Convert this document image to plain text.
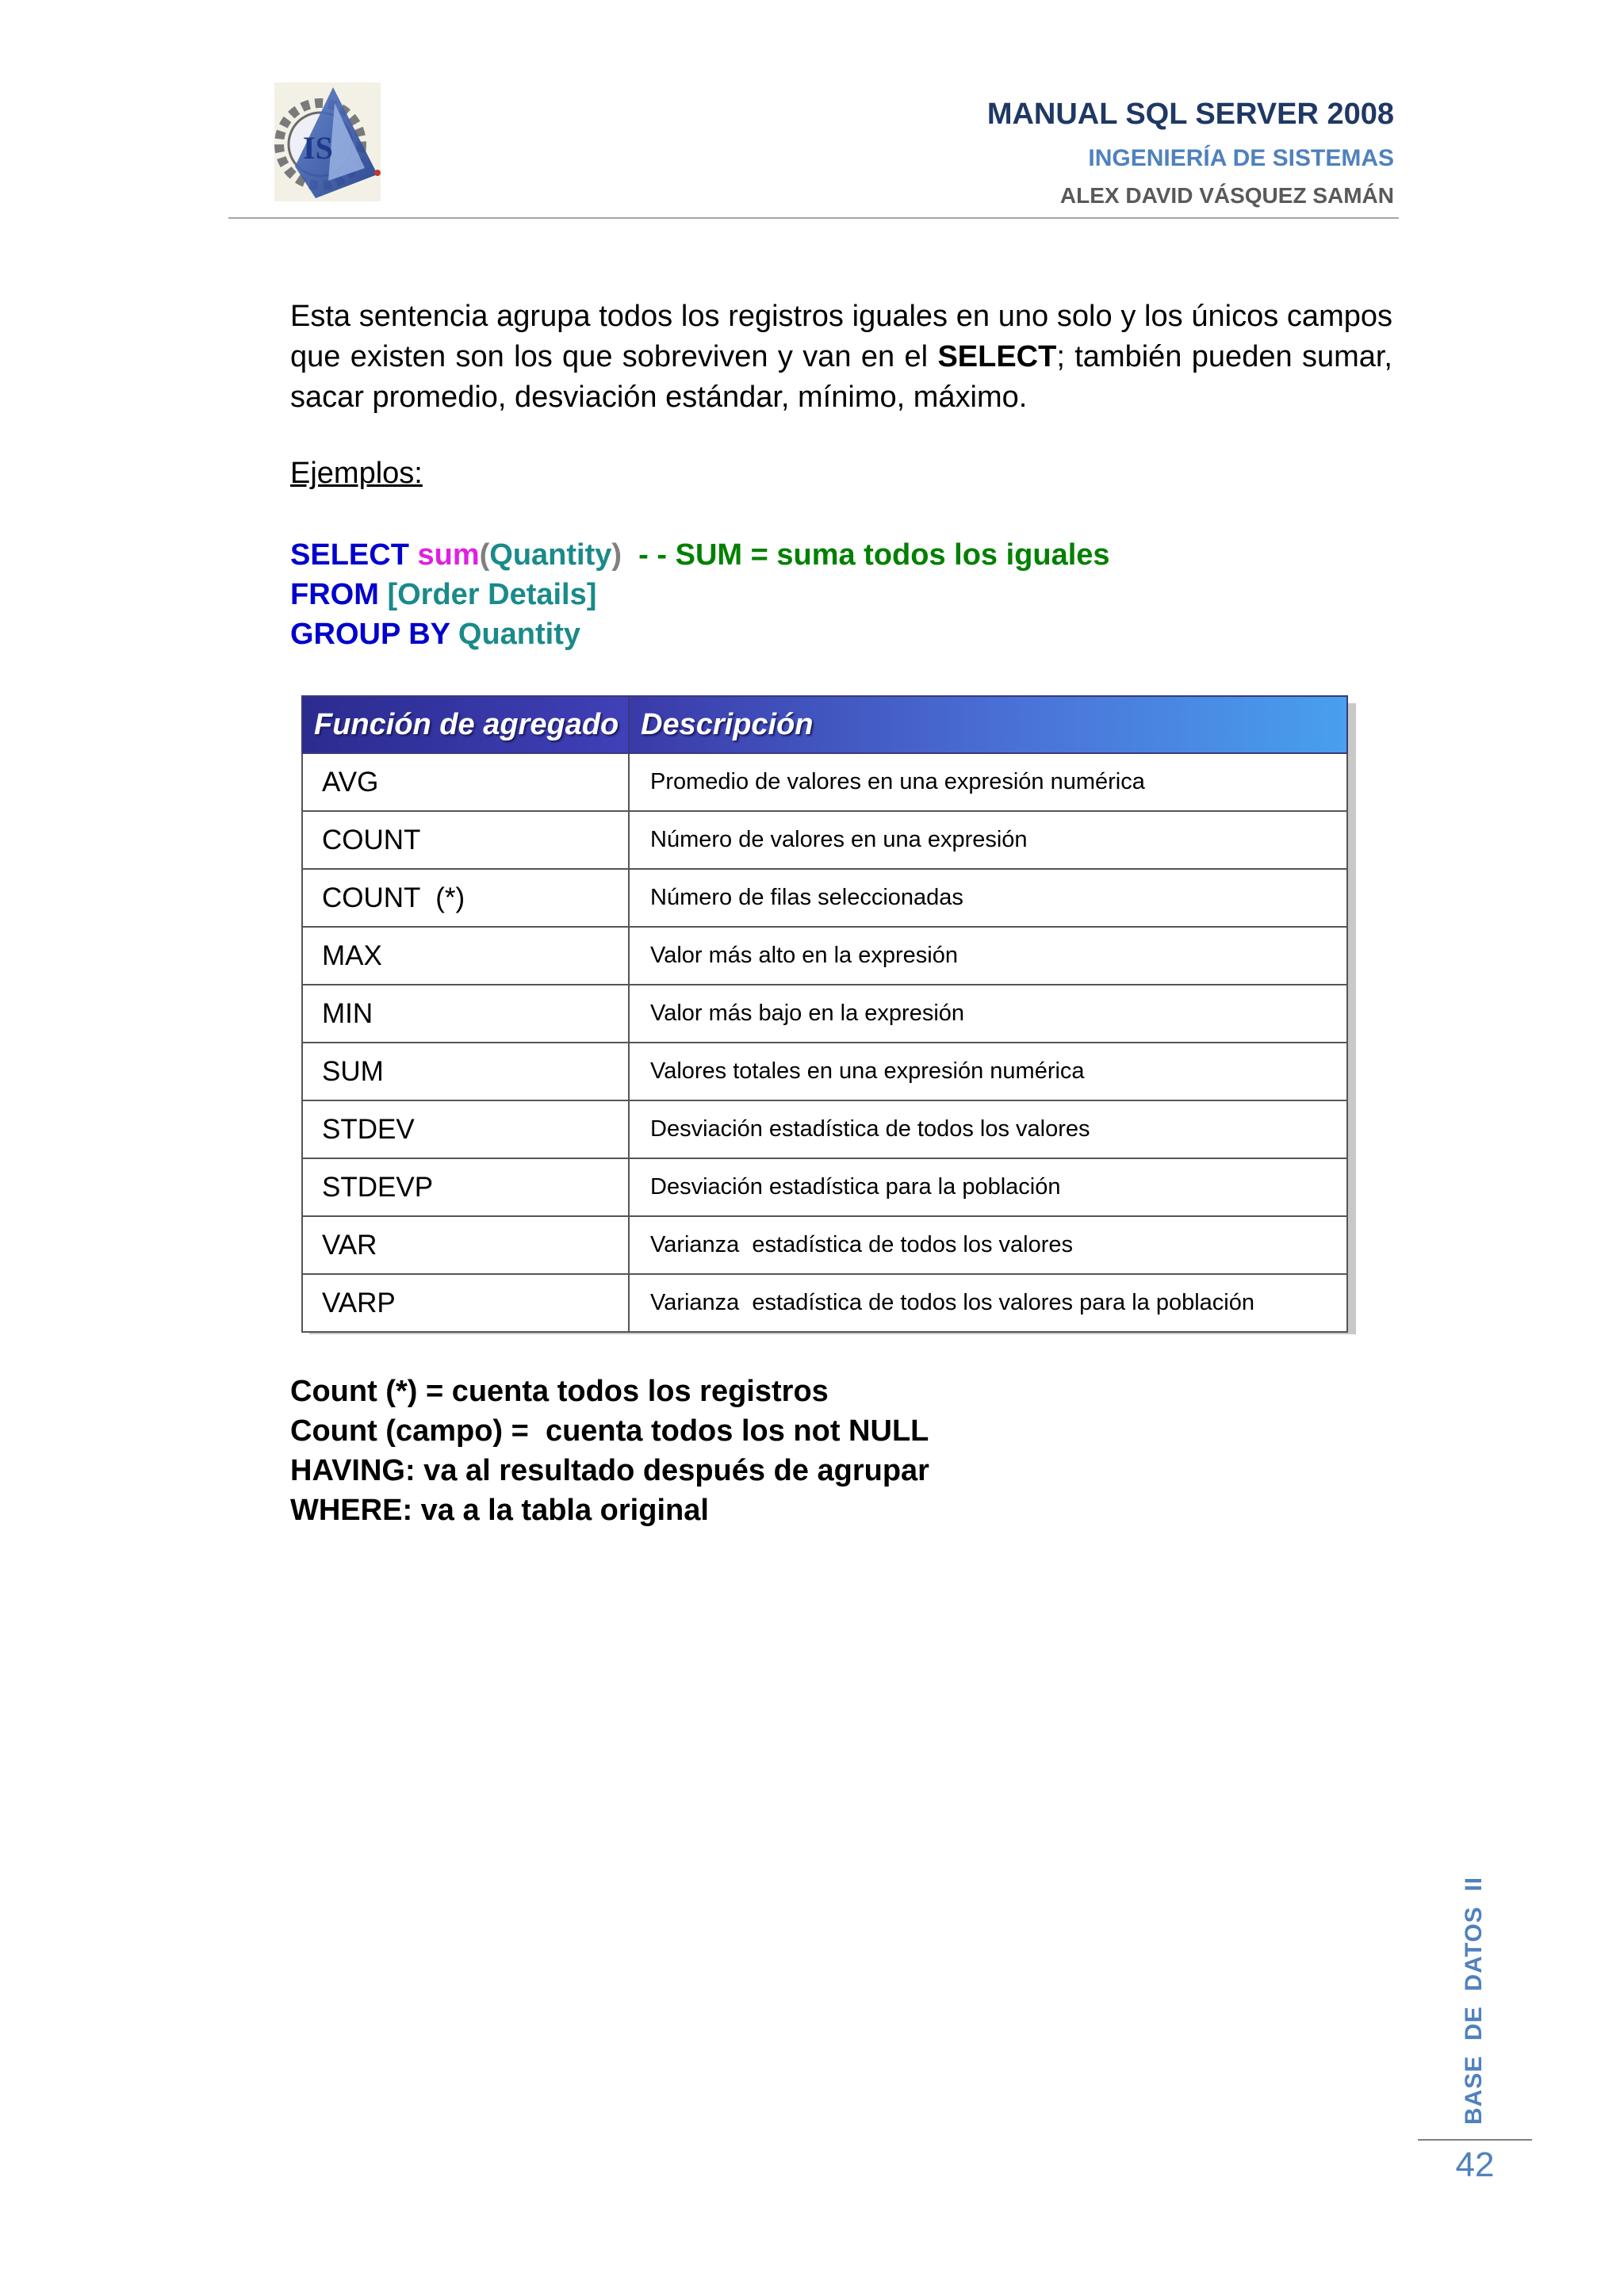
IS
MANUAL SQL SERVER 2008
INGENIERÍA DE SISTEMAS
ALEX DAVID VÁSQUEZ SAMÁN
Esta sentencia agrupa todos los registros iguales en uno solo y los únicos campos que existen son los que sobreviven y van en el SELECT; también pueden sumar, sacar promedio, desviación estándar, mínimo, máximo.
Ejemplos:
SELECT sum(Quantity) - - SUM = suma todos los iguales
FROM [Order Details]
GROUP BY Quantity
Función de agregado	Descripción
AVG	Promedio de valores en una expresión numérica
COUNT	Número de valores en una expresión
COUNT  (*)	Número de filas seleccionadas
MAX	Valor más alto en la expresión
MIN	Valor más bajo en la expresión
SUM	Valores totales en una expresión numérica
STDEV	Desviación estadística de todos los valores
STDEVP	Desviación estadística para la población
VAR	Varianza  estadística de todos los valores
VARP	Varianza  estadística de todos los valores para la población
Count (*) = cuenta todos los registros
Count (campo) =  cuenta todos los not NULL
HAVING: va al resultado después de agrupar
WHERE: va a la tabla original
BASE  DE  DATOS  II
42
